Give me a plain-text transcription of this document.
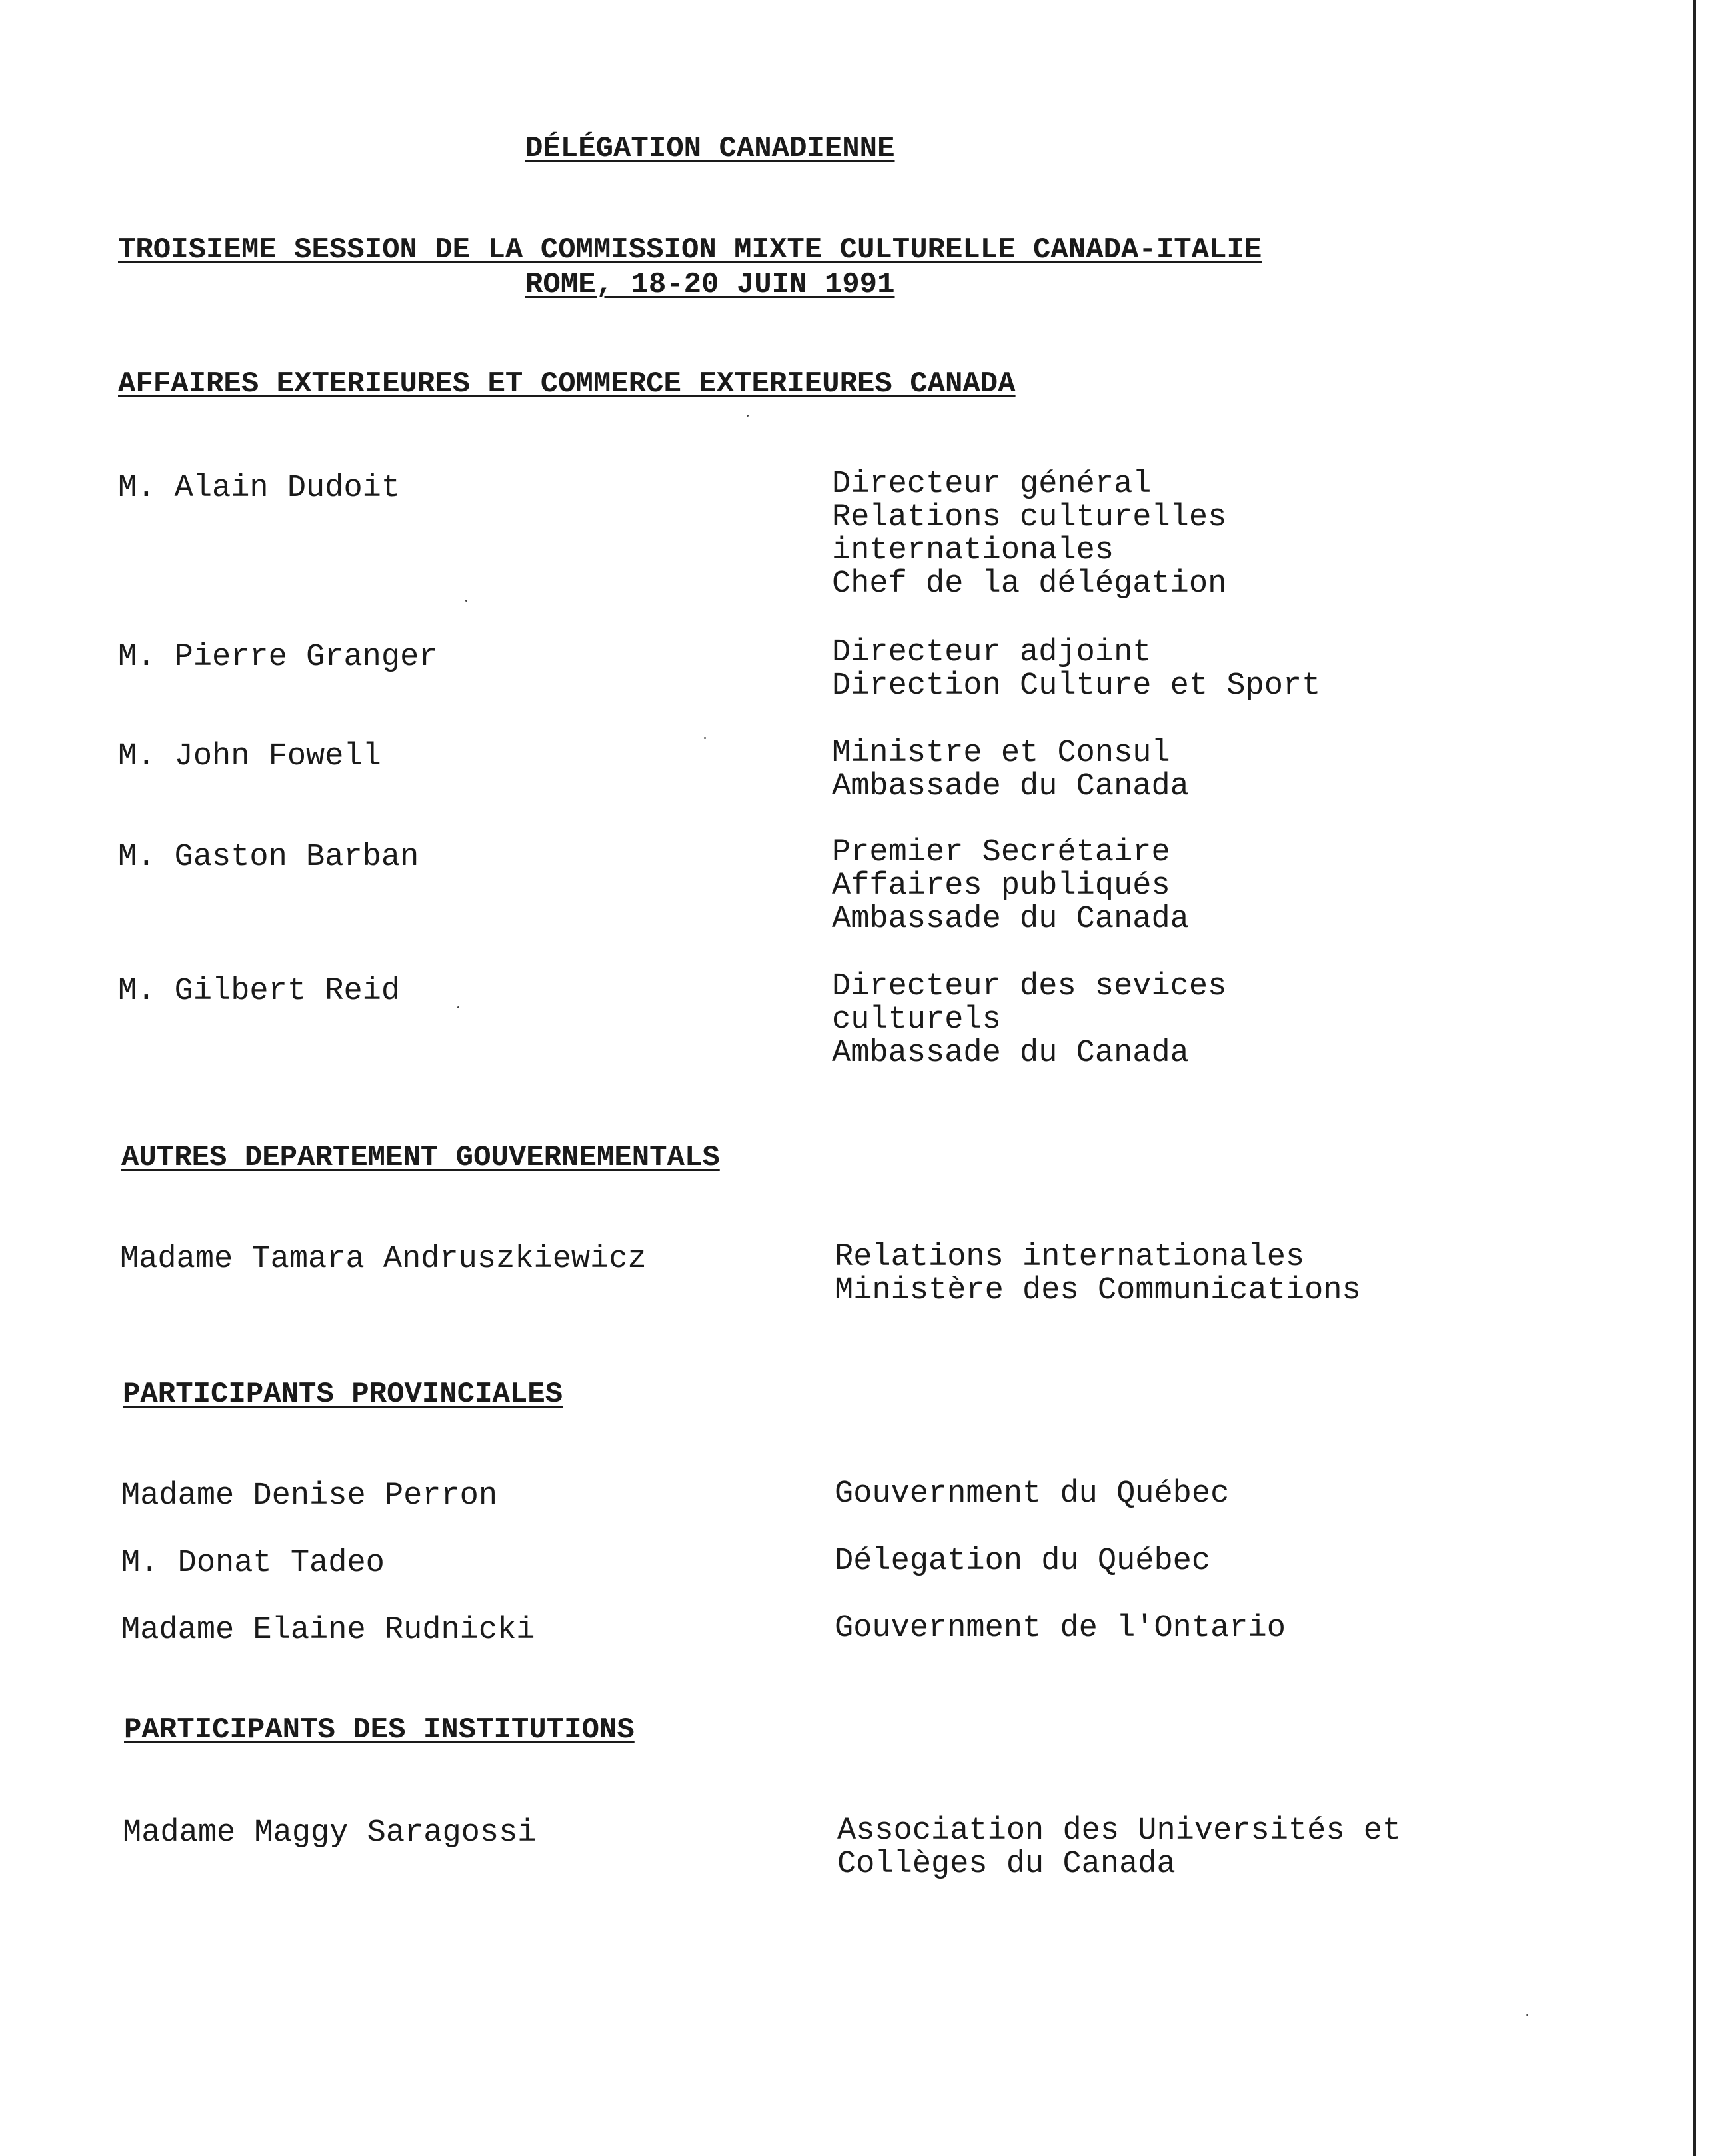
DÉLÉGATION CANADIENNE
TROISIEME SESSION DE LA COMMISSION MIXTE CULTURELLE CANADA-ITALIE
ROME, 18-20 JUIN 1991
AFFAIRES EXTERIEURES ET COMMERCE EXTERIEURES CANADA
M. Alain Dudoit	Directeur général
Relations culturelles
internationales
Chef de la délégation
M. Pierre Granger	Directeur adjoint
Direction Culture et Sport
M. John Fowell	Ministre et Consul
Ambassade du Canada
M. Gaston Barban	Premier Secrétaire
Affaires publiqués
Ambassade du Canada
M. Gilbert Reid	Directeur des sevices
culturels
Ambassade du Canada
AUTRES DEPARTEMENT GOUVERNEMENTALS
Madame Tamara Andruszkiewicz	Relations internationales
Ministère des Communications
PARTICIPANTS PROVINCIALES
Madame Denise Perron	Gouvernment du Québec
M. Donat Tadeo	Délegation du Québec
Madame Elaine Rudnicki	Gouvernment de l'Ontario
PARTICIPANTS DES INSTITUTIONS
Madame Maggy Saragossi	Association des Universités et
Collèges du Canada
